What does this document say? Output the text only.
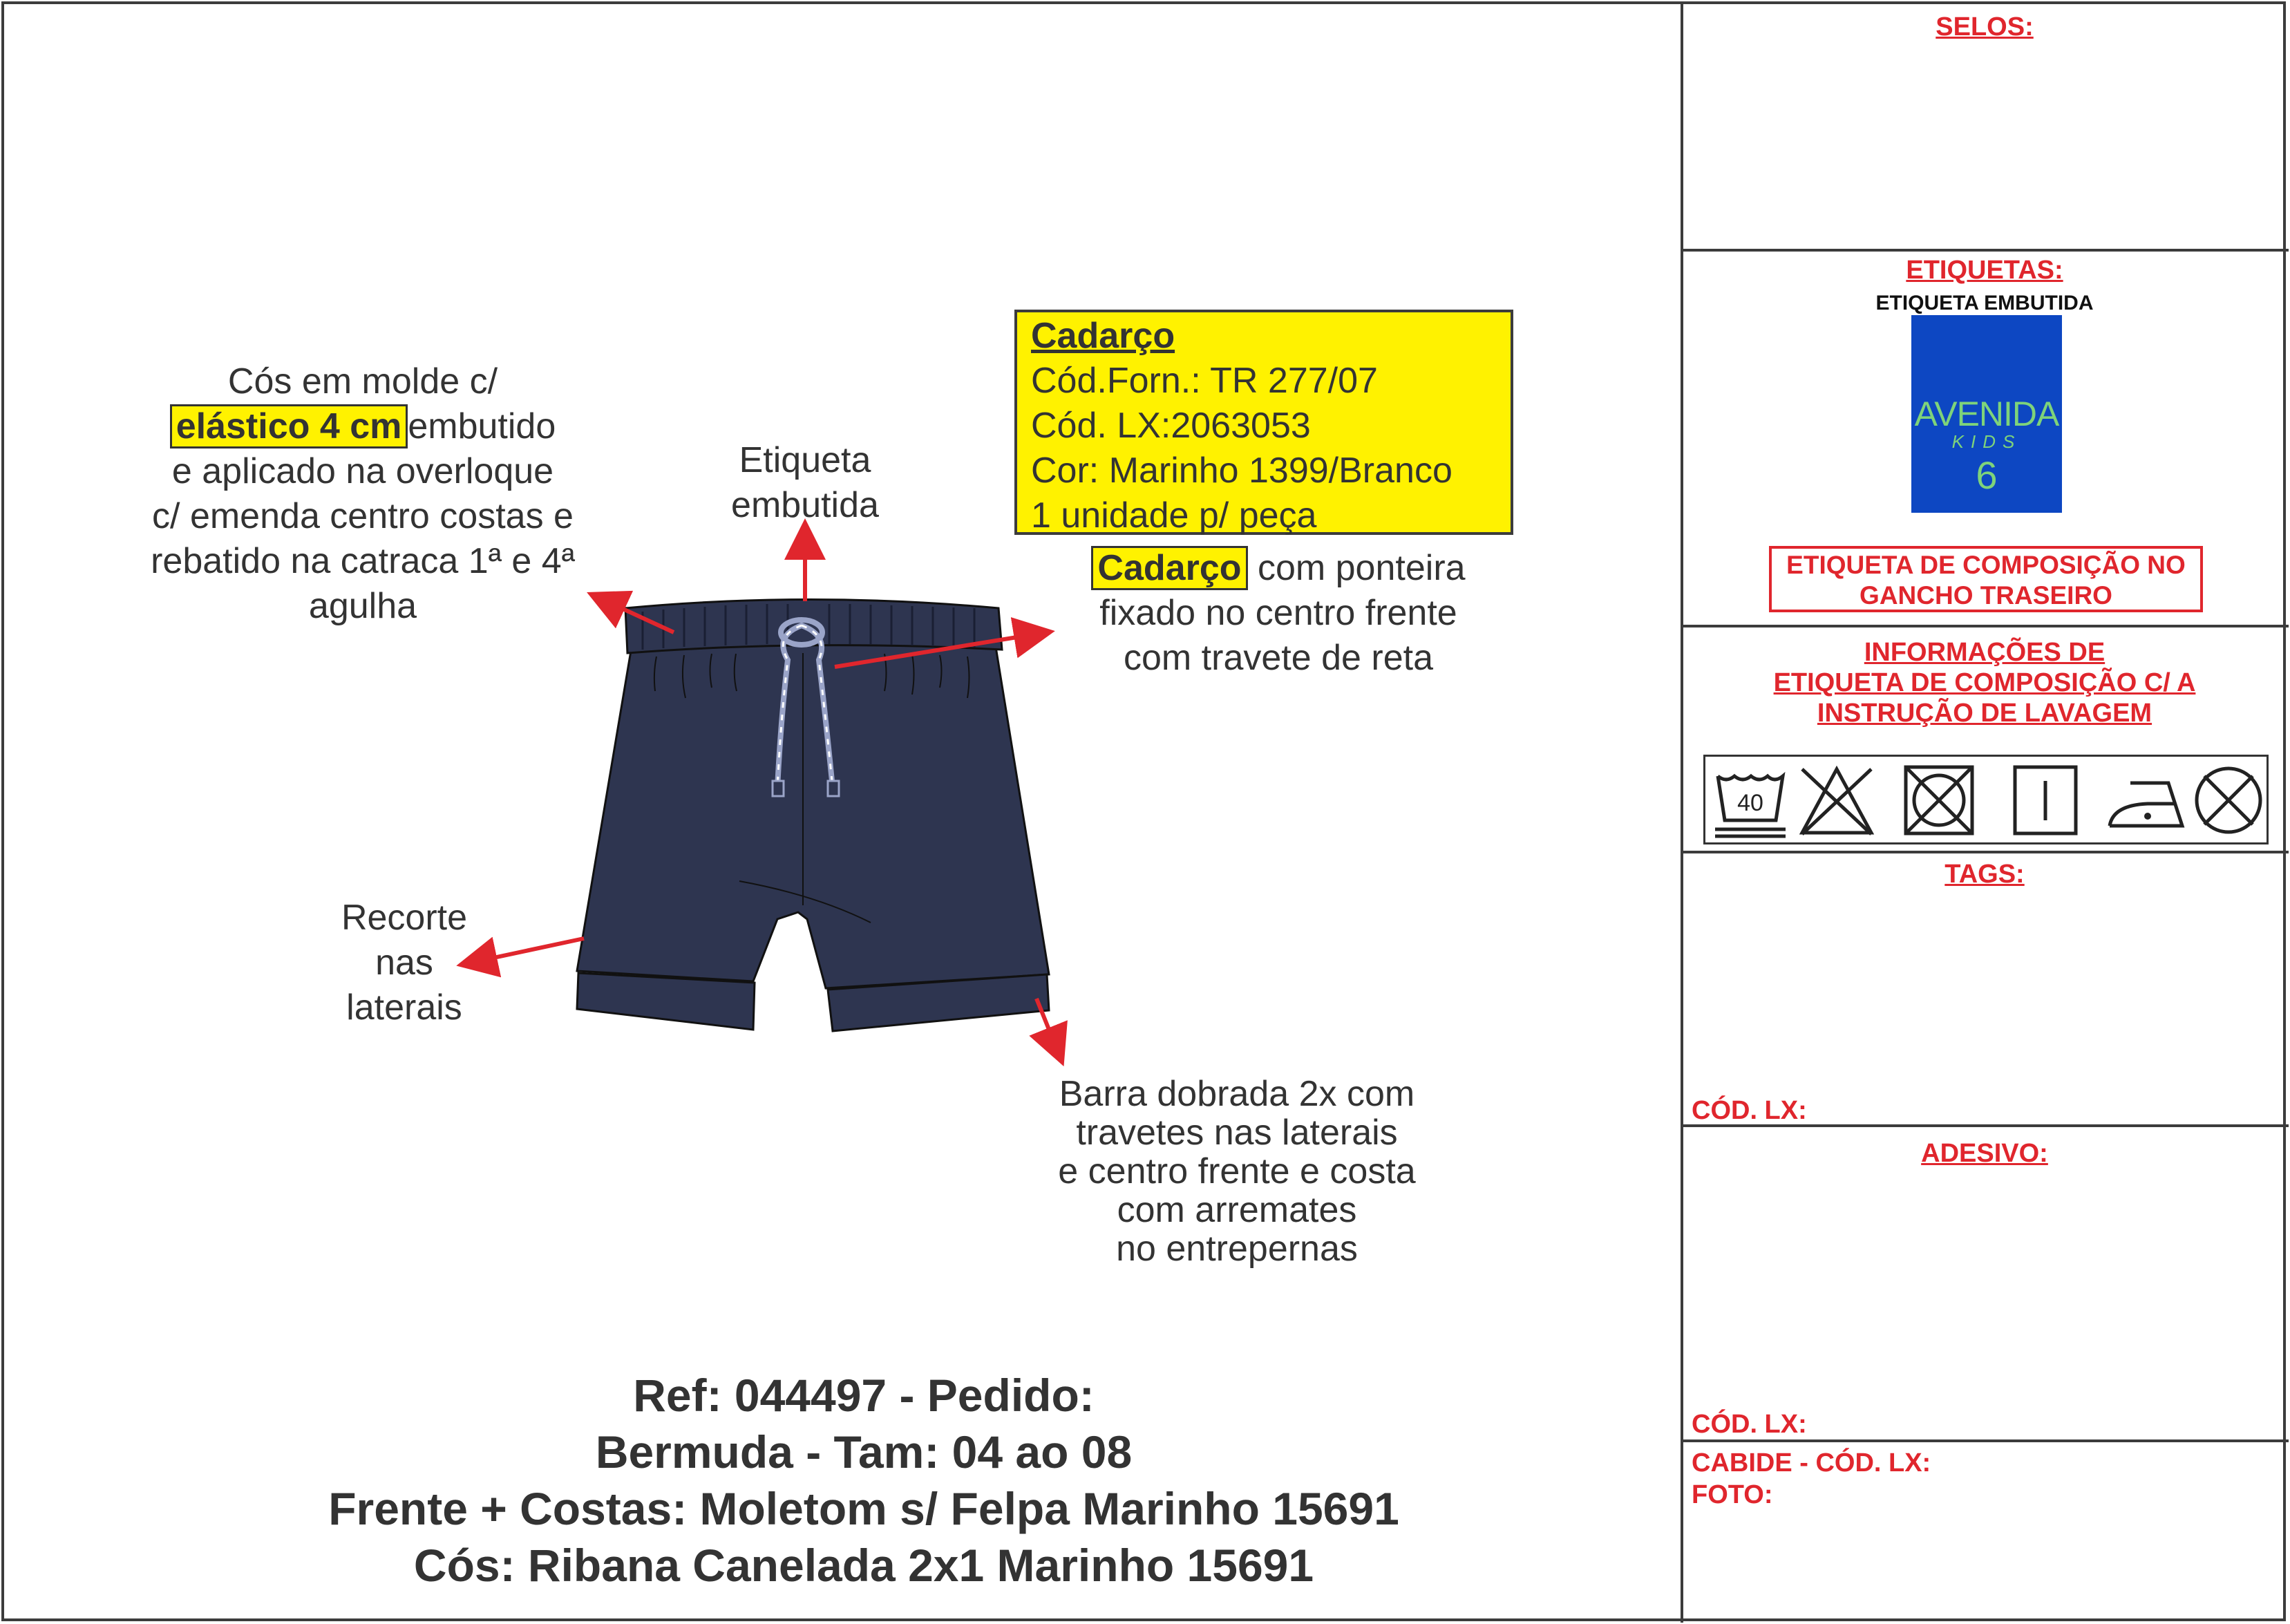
Cós em molde c/
elástico 4 cm embutido
e aplicado na overloque
c/ emenda centro costas e
rebatido na catraca 1ª e 4ª
agulha
Etiqueta
embutida
Cadarço
Cód.Forn.: TR 277/07
Cód. LX:2063053
Cor: Marinho 1399/Branco
1 unidade p/ peça
Cadarço com ponteira
fixado no centro frente
com travete de reta
Recorte
nas
laterais
Barra dobrada 2x com
travetes nas laterais
e centro frente e costa
com arremates
no entrepernas
Ref: 044497 - Pedido:
Bermuda - Tam: 04 ao 08
Frente + Costas: Moletom s/ Felpa Marinho 15691
Cós: Ribana Canelada 2x1 Marinho 15691
SELOS:
ETIQUETAS:
ETIQUETA EMBUTIDA
AVENIDA
KIDS
6
ETIQUETA DE COMPOSIÇÃO NO
GANCHO TRASEIRO
INFORMAÇÕES DE
ETIQUETA DE COMPOSIÇÃO C/ A
INSTRUÇÃO DE LAVAGEM
40
TAGS:
CÓD. LX:
ADESIVO:
CÓD. LX:
CABIDE - CÓD. LX:
FOTO:
